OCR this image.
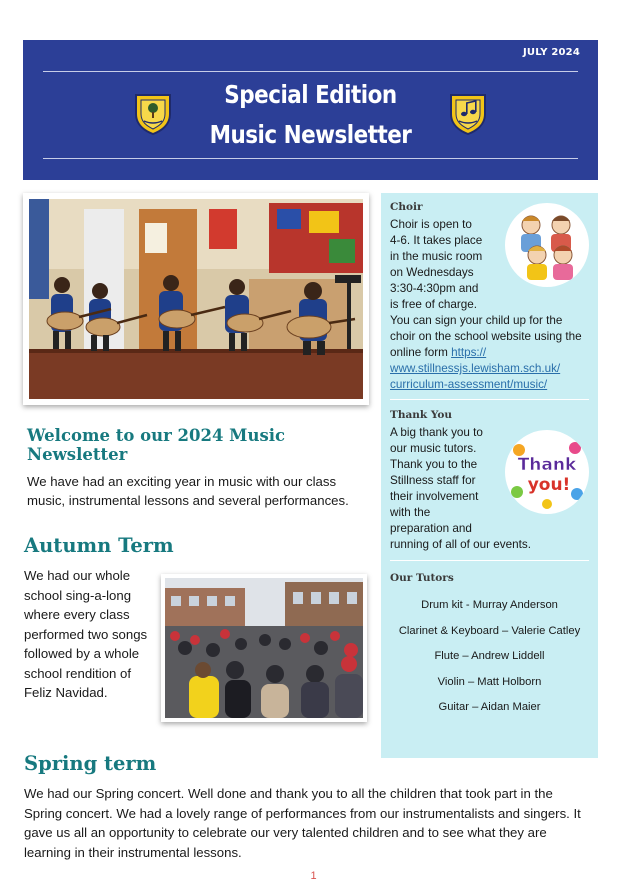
JULY 2024
Special Edition
Music Newsletter
Welcome to our 2024 Music Newsletter
We have had an exciting year in music with our class music, instrumental lessons and several performances.
Autumn Term
We had our whole school sing-a-long where every class performed two songs followed by a whole school rendition of Feliz Navidad.
Spring term
We had our Spring concert. Well done and thank you to all the children that took part in the Spring concert. We had a lovely range of performances from our instrumentalists and singers. It gave us all an opportunity to celebrate our very talented children and to see what they are learning in their instrumental lessons.
1
Choir
Choir is open to
4-6. It takes place
in the music room
on Wednesdays
3:30-4:30pm and
is free of charge.
You can sign your child up for the choir on the school website using the online form https://
www.stillnessjs.lewisham.sch.uk/
curriculum-assessment/music/
Thank You
A big thank you to
our music tutors.
Thank you to the
Stillness staff for
their involvement
with the
preparation and
running of all of our events.
Thank
you!
Our Tutors
Drum kit - Murray Anderson
Clarinet & Keyboard – Valerie Catley
Flute – Andrew Liddell
Violin – Matt Holborn
Guitar – Aidan Maier
